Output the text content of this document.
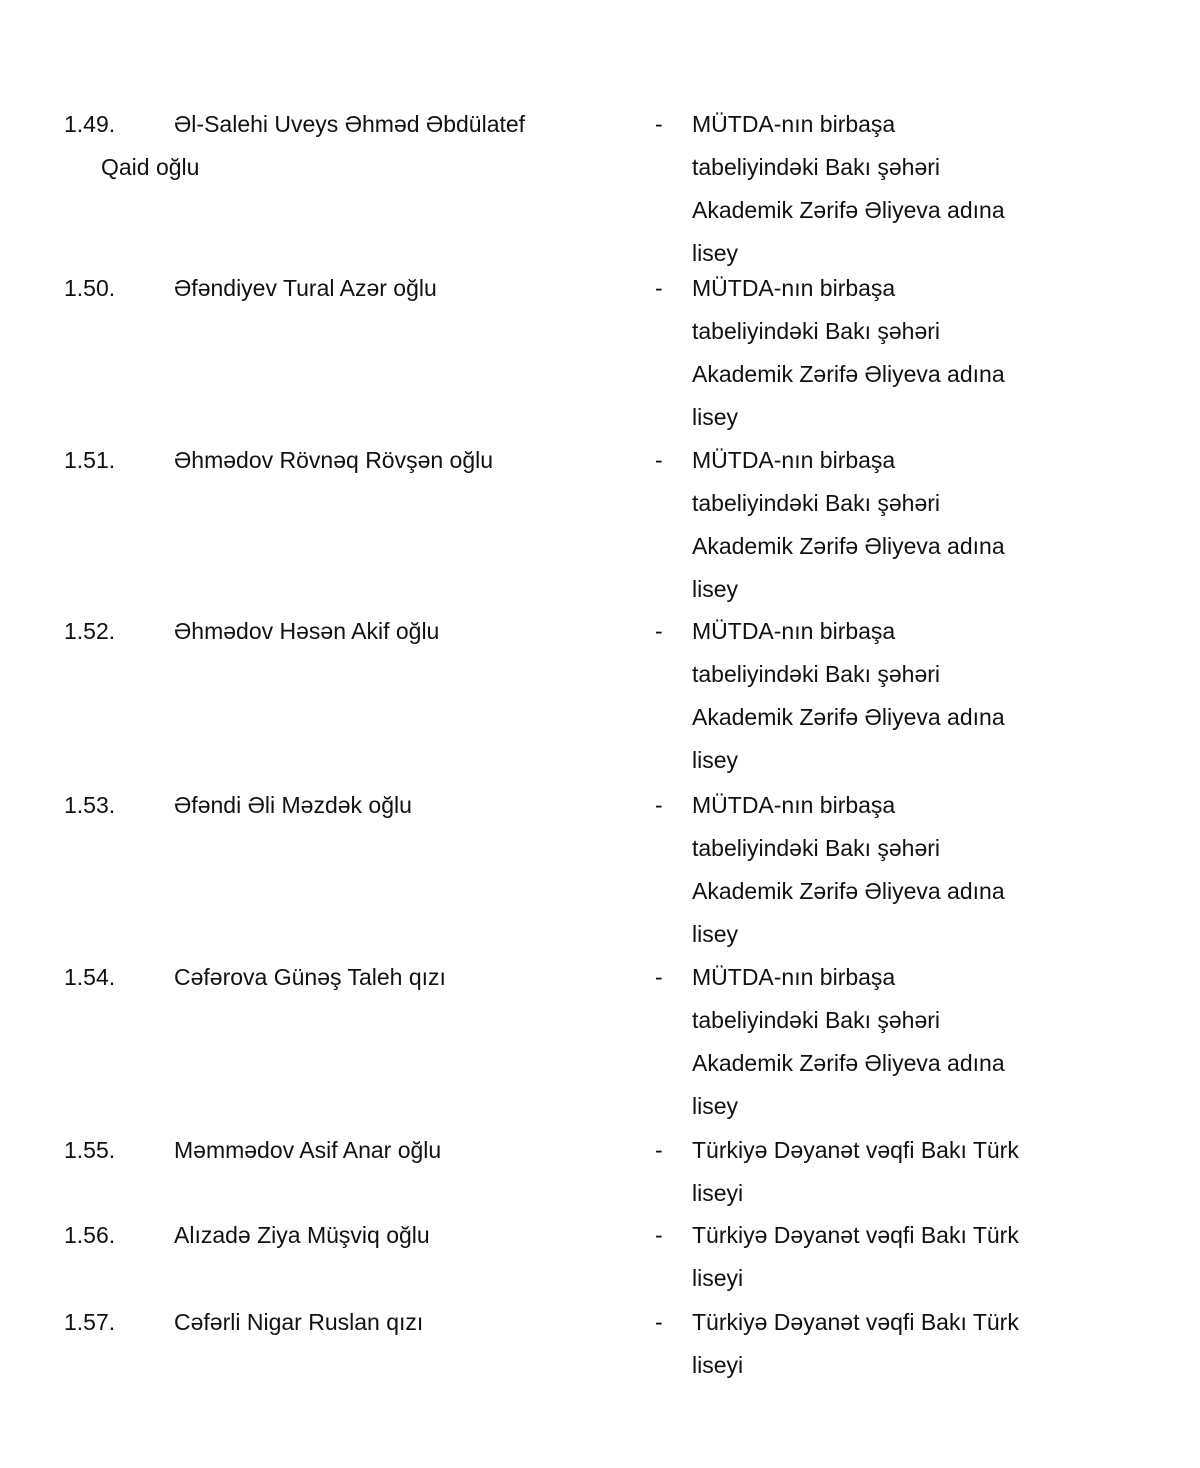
1.49.	Əl-Salehi Uveys Əhməd Əbdülatef
Qaid oğlu
- MÜTDA-nın birbaşa
tabeliyindəki Bakı şəhəri
Akademik Zərifə Əliyeva adına
lisey
1.50.	Əfəndiyev Tural Azər oğlu	- MÜTDA-nın birbaşa
tabeliyindəki Bakı şəhəri
Akademik Zərifə Əliyeva adına
lisey
1.51.	Əhmədov Rövnəq Rövşən oğlu	- MÜTDA-nın birbaşa
tabeliyindəki Bakı şəhəri
Akademik Zərifə Əliyeva adına
lisey
1.52.	Əhmədov Həsən Akif oğlu	- MÜTDA-nın birbaşa
tabeliyindəki Bakı şəhəri
Akademik Zərifə Əliyeva adına
lisey
1.53.	Əfəndi Əli Məzdək oğlu	- MÜTDA-nın birbaşa
tabeliyindəki Bakı şəhəri
Akademik Zərifə Əliyeva adına
lisey
1.54.	Cəfərova Günəş Taleh qızı	- MÜTDA-nın birbaşa
tabeliyindəki Bakı şəhəri
Akademik Zərifə Əliyeva adına
lisey
1.55.	Məmmədov Asif Anar oğlu	- Türkiyə Dəyanət vəqfi Bakı Türk
liseyi
1.56.	Alızadə Ziya Müşviq oğlu	- Türkiyə Dəyanət vəqfi Bakı Türk
liseyi
1.57.	Cəfərli Nigar Ruslan qızı	- Türkiyə Dəyanət vəqfi Bakı Türk
liseyi
